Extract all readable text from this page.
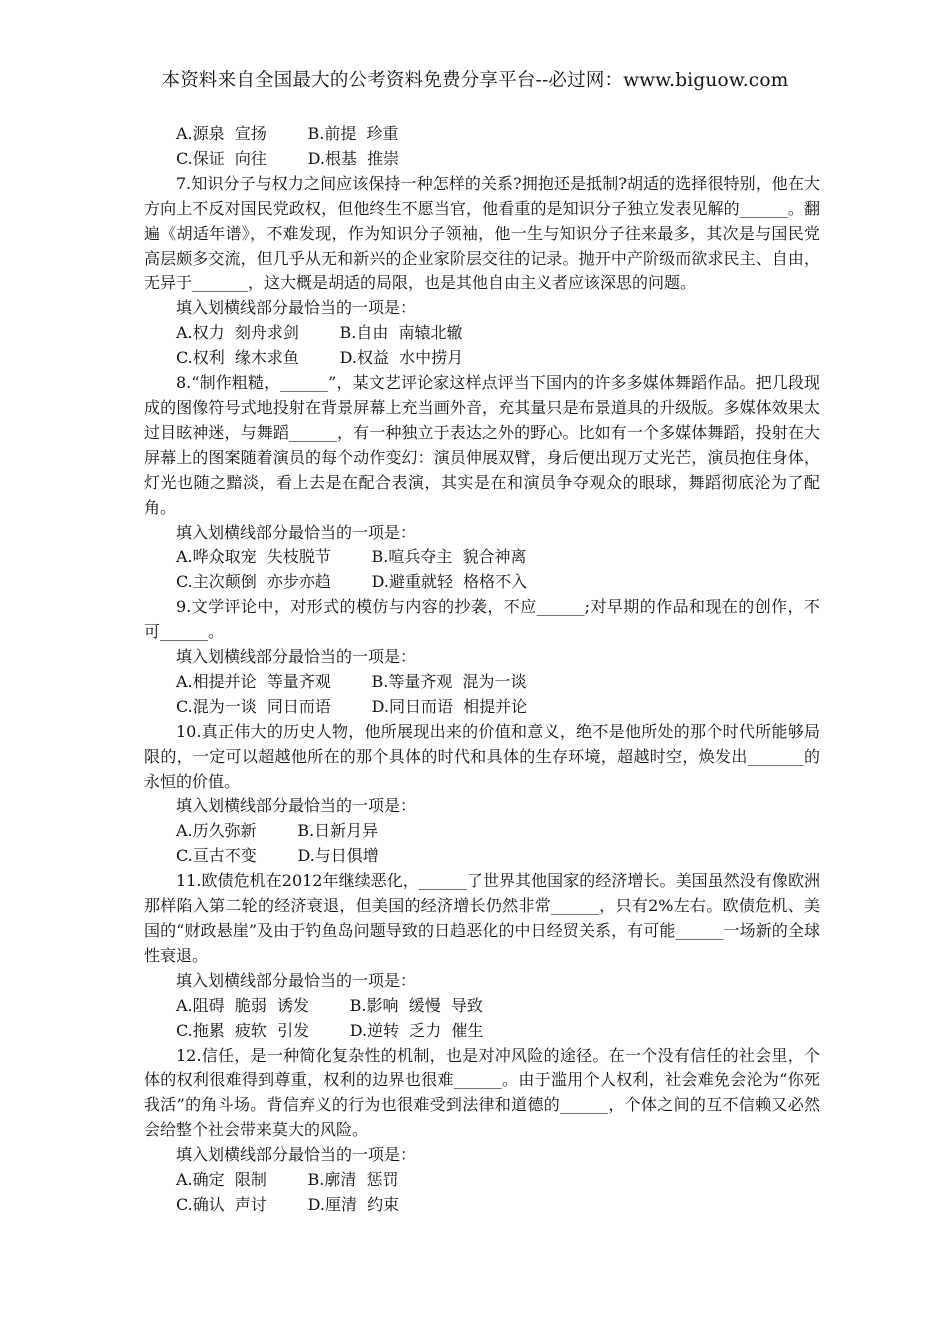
本资料来自全国最大的公考资料免费分享平台--必过网：www.biguow.com

A.源泉  宣扬        B.前提  珍重

C.保证  向往        D.根基  推崇

7.知识分子与权力之间应该保持一种怎样的关系?拥抱还是抵制?胡适的选择很特别，他在大方向上不反对国民党政权，但他终生不愿当官，他看重的是知识分子独立发表见解的______。翻遍《胡适年谱》，不难发现，作为知识分子领袖，他一生与知识分子往来最多，其次是与国民党高层颇多交流，但几乎从无和新兴的企业家阶层交往的记录。抛开中产阶级而欲求民主、自由，无异于_______，这大概是胡适的局限，也是其他自由主义者应该深思的问题。

填入划横线部分最恰当的一项是：

A.权力  刻舟求剑        B.自由  南辕北辙

C.权利  缘木求鱼        D.权益  水中捞月

8.“制作粗糙，______”，某文艺评论家这样点评当下国内的许多多媒体舞蹈作品。把几段现成的图像符号式地投射在背景屏幕上充当画外音，充其量只是布景道具的升级版。多媒体效果太过目眩神迷，与舞蹈______，有一种独立于表达之外的野心。比如有一个多媒体舞蹈，投射在大屏幕上的图案随着演员的每个动作变幻：演员伸展双臂，身后便出现万丈光芒，演员抱住身体，灯光也随之黯淡，看上去是在配合表演，其实是在和演员争夺观众的眼球，舞蹈彻底沦为了配角。

填入划横线部分最恰当的一项是：

A.哗众取宠  失枝脱节        B.喧兵夺主  貌合神离

C.主次颠倒  亦步亦趋        D.避重就轻  格格不入

9.文学评论中，对形式的模仿与内容的抄袭，不应______;对早期的作品和现在的创作，不可______。

填入划横线部分最恰当的一项是：

A.相提并论  等量齐观        B.等量齐观  混为一谈

C.混为一谈  同日而语        D.同日而语  相提并论

10.真正伟大的历史人物，他所展现出来的价值和意义，绝不是他所处的那个时代所能够局限的，一定可以超越他所在的那个具体的时代和具体的生存环境，超越时空，焕发出_______的永恒的价值。

填入划横线部分最恰当的一项是：

A.历久弥新        B.日新月异

C.亘古不变        D.与日俱增

11.欧债危机在2012年继续恶化，______了世界其他国家的经济增长。美国虽然没有像欧洲那样陷入第二轮的经济衰退，但美国的经济增长仍然非常______，只有2%左右。欧债危机、美国的“财政悬崖”及由于钓鱼岛问题导致的日趋恶化的中日经贸关系，有可能______一场新的全球性衰退。

填入划横线部分最恰当的一项是：

A.阻碍  脆弱  诱发        B.影响  缓慢  导致

C.拖累  疲软  引发        D.逆转  乏力  催生

12.信任，是一种简化复杂性的机制，也是对冲风险的途径。在一个没有信任的社会里，个体的权利很难得到尊重，权利的边界也很难______。由于滥用个人权利，社会难免会沦为“你死我活”的角斗场。背信弃义的行为也很难受到法律和道德的______，个体之间的互不信赖又必然会给整个社会带来莫大的风险。

填入划横线部分最恰当的一项是：

A.确定  限制        B.廓清  惩罚

C.确认  声讨        D.厘清  约束
